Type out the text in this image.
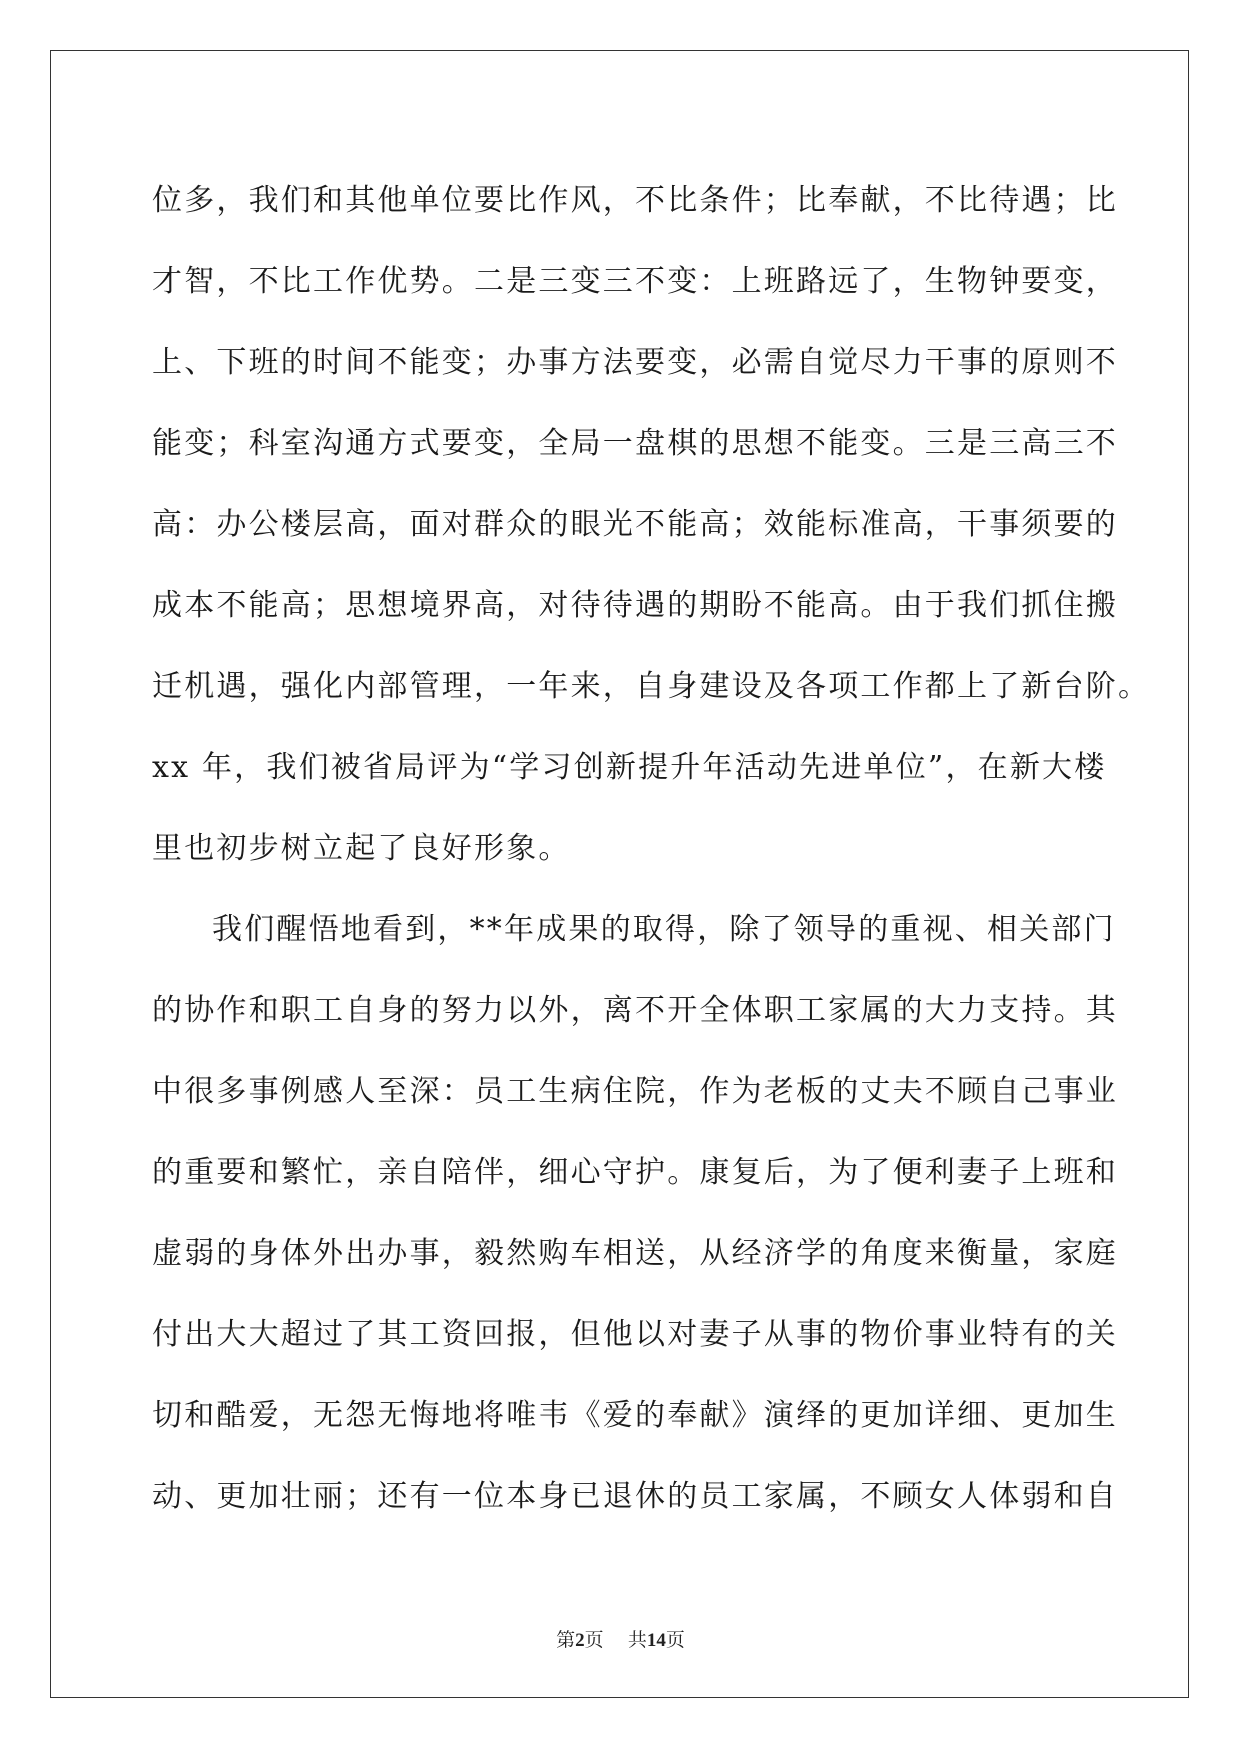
位多，我们和其他单位要比作风，不比条件；比奉献，不比待遇；比
才智，不比工作优势。二是三变三不变：上班路远了，生物钟要变，
上、下班的时间不能变；办事方法要变，必需自觉尽力干事的原则不
能变；科室沟通方式要变，全局一盘棋的思想不能变。三是三高三不
高：办公楼层高，面对群众的眼光不能高；效能标准高，干事须要的
成本不能高；思想境界高，对待待遇的期盼不能高。由于我们抓住搬
迁机遇，强化内部管理，一年来，自身建设及各项工作都上了新台阶。
xx 年，我们被省局评为“学习创新提升年活动先进单位”，在新大楼
里也初步树立起了良好形象。
我们醒悟地看到，**年成果的取得，除了领导的重视、相关部门
的协作和职工自身的努力以外，离不开全体职工家属的大力支持。其
中很多事例感人至深：员工生病住院，作为老板的丈夫不顾自己事业
的重要和繁忙，亲自陪伴，细心守护。康复后，为了便利妻子上班和
虚弱的身体外出办事，毅然购车相送，从经济学的角度来衡量，家庭
付出大大超过了其工资回报，但他以对妻子从事的物价事业特有的关
切和酷爱，无怨无悔地将唯韦《爱的奉献》演绎的更加详细、更加生
动、更加壮丽；还有一位本身已退休的员工家属，不顾女人体弱和自
第2页 共14页
